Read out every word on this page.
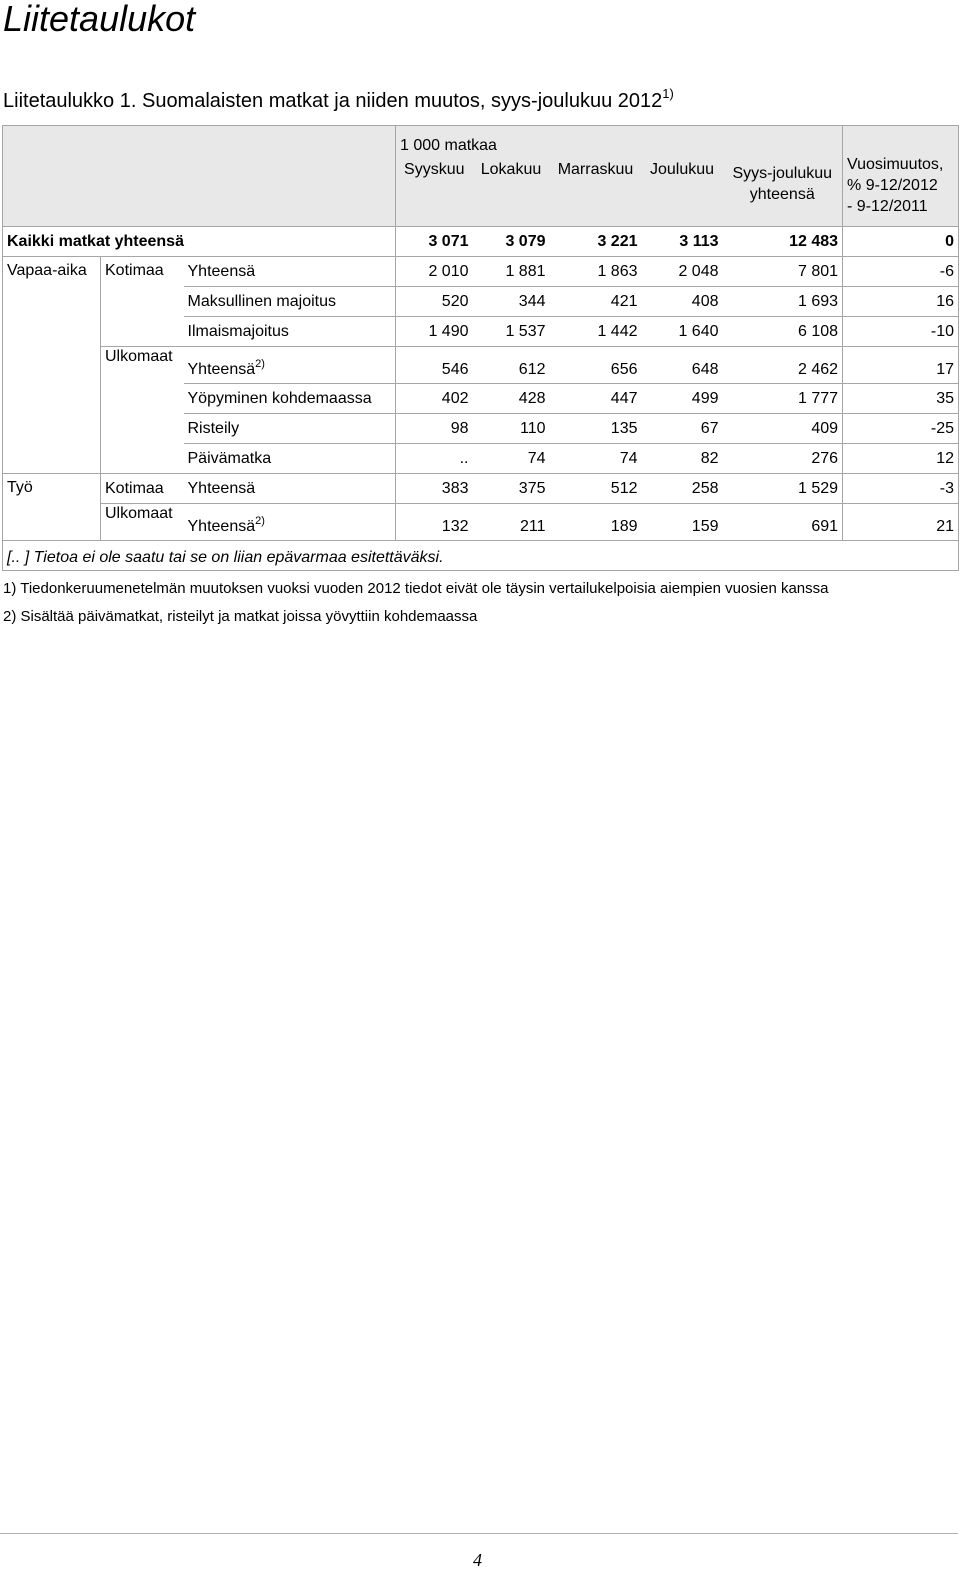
Liitetaulukot
Liitetaulukko 1. Suomalaisten matkat ja niiden muutos, syys-joulukuu 2012$^{1)}$
			1 000 matkaa					Vuosimuutos,
% 9-12/2012
- 9-12/2011

			Syyskuu	Lokakuu	Marraskuu	Joulukuu	Syys-joulukuu
yhteensä	

Kaikki matkat yhteensä			3 071	3 079	3 221	3 113	12 483	0
Vapaa-aika	Kotimaa	Yhteensä	2 010	1 881	1 863	2 048	7 801	-6
		Maksullinen majoitus	520	344	421	408	1 693	16
		Ilmaismajoitus	1 490	1 537	1 442	1 640	6 108	-10
	Ulkomaat	Yhteensä$^{2)}$	546	612	656	648	2 462	17
		Yöpyminen kohdemaassa	402	428	447	499	1 777	35
		Risteily	98	110	135	67	409	-25
		Päivämatka	..	74	74	82	276	12
Työ	Kotimaa	Yhteensä	383	375	512	258	1 529	-3
	Ulkomaat	Yhteensä$^{2)}$	132	211	189	159	691	21
[.. ] Tietoa ei ole saatu tai se on liian epävarmaa esitettäväksi.								

1) Tiedonkeruumenetelmän muutoksen vuoksi vuoden 2012 tiedot eivät ole täysin vertailukelpoisia aiempien vuosien kanssa

2) Sisältää päivämatkat, risteilyt ja matkat joissa yövyttiin kohdemaassa

4
